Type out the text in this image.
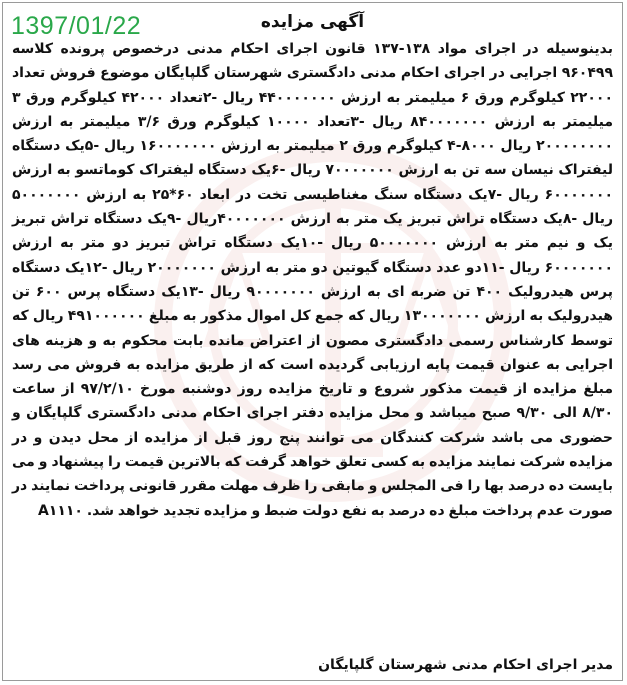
1397/01/22	آگهی مزایده
بدینوسیله در اجرای مواد ۱۳۸-۱۳۷ قانون اجرای احکام مدنی درخصوص پرونده کلاسه ۹۶۰۴۹۹ اجرایی در اجرای احکام مدنی دادگستری شهرستان گلپایگان موضوع فروش تعداد ۲۲۰۰۰ کیلوگرم ورق ۶ میلیمتر به ارزش ۴۴۰۰۰۰۰۰۰ ریال -۲تعداد ۴۲۰۰۰ کیلوگرم ورق ۳ میلیمتر به ارزش ۸۴۰۰۰۰۰۰۰ ریال -۳تعداد ۱۰۰۰۰ کیلوگرم ورق ۳/۶ میلیمتر به ارزش ۲۰۰۰۰۰۰۰۰ ریال ۸۰۰۰-۴ کیلوگرم ورق ۲ میلیمتر به ارزش ۱۶۰۰۰۰۰۰۰ ریال -۵یک دستگاه لیفتراک نیسان سه تن به ارزش ۷۰۰۰۰۰۰۰ ریال -۶یک دستگاه لیفتراک کوماتسو به ارزش ۶۰۰۰۰۰۰۰ ریال -۷یک دستگاه سنگ مغناطیسی تخت در ابعاد ۶۰*۲۵ به ارزش ۵۰۰۰۰۰۰۰ ریال -۸یک دستگاه تراش تبریز یک متر به ارزش ۴۰۰۰۰۰۰۰ریال -۹یک دستگاه تراش تبریز یک و نیم متر به ارزش ۵۰۰۰۰۰۰۰ ریال -۱۰یک دستگاه تراش تبریز دو متر به ارزش ۶۰۰۰۰۰۰۰ ریال -۱۱دو عدد دستگاه گیوتین دو متر به ارزش ۲۰۰۰۰۰۰۰ ریال -۱۲یک دستگاه پرس هیدرولیک ۴۰۰ تن ضربه ای به ارزش ۹۰۰۰۰۰۰۰ ریال -۱۳یک دستگاه پرس ۶۰۰ تن هیدرولیک به ارزش ۱۳۰۰۰۰۰۰۰ ریال که جمع کل اموال مذکور به مبلغ ۴۹۱۰۰۰۰۰۰ ریال که توسط کارشناس رسمی دادگستری مصون از اعتراض مانده بابت محکوم به و هزینه های اجرایی به عنوان قیمت پایه ارزیابی گردیده است که از طریق مزایده به فروش می رسد مبلغ مزایده از قیمت مذکور شروع و تاریخ مزایده روز دوشنبه مورخ ۹۷/۲/۱۰ از ساعت ۸/۳۰ الی ۹/۳۰ صبح میباشد و محل مزایده دفتر اجرای احکام مدنی دادگستری گلپایگان و حضوری می باشد شرکت کنندگان می توانند پنج روز قبل از مزایده از محل دیدن و در مزایده شرکت نمایند مزایده به کسی تعلق خواهد گرفت که بالاترین قیمت را پیشنهاد و می بایست ده درصد بها را فی المجلس و مابقی را ظرف مهلت مقرر قانونی پرداخت نمایند در صورت عدم پرداخت مبلغ ده درصد به نفع دولت ضبط و مزایده تجدید خواهد شد. A۱۱۱۰
مدیر اجرای احکام مدنی شهرستان گلپایگان
